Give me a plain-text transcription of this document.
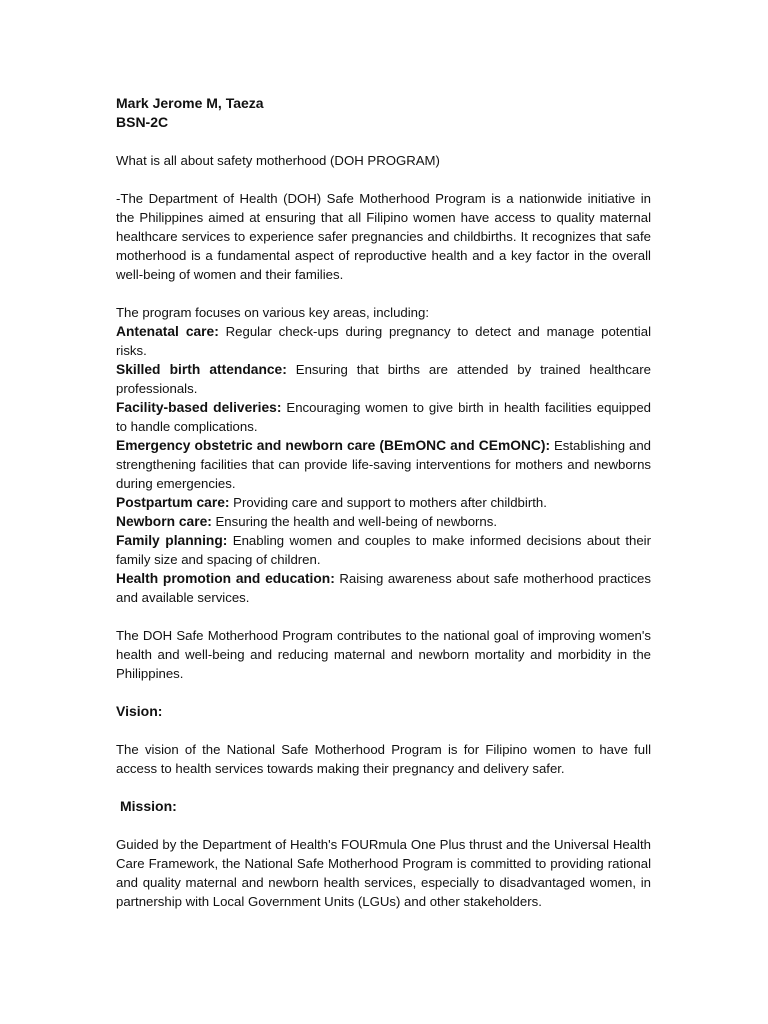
Mark Jerome M, Taeza

BSN-2C

What is all about safety motherhood (DOH PROGRAM)

-The Department of Health (DOH) Safe Motherhood Program is a nationwide initiative in the Philippines aimed at ensuring that all Filipino women have access to quality maternal healthcare services to experience safer pregnancies and childbirths. It recognizes that safe motherhood is a fundamental aspect of reproductive health and a key factor in the overall well-being of women and their families.

The program focuses on various key areas, including:

Antenatal care: Regular check-ups during pregnancy to detect and manage potential risks.

Skilled birth attendance: Ensuring that births are attended by trained healthcare professionals.

Facility-based deliveries: Encouraging women to give birth in health facilities equipped to handle complications.

Emergency obstetric and newborn care (BEmONC and CEmONC): Establishing and strengthening facilities that can provide life-saving interventions for mothers and newborns during emergencies.

Postpartum care: Providing care and support to mothers after childbirth.

Newborn care: Ensuring the health and well-being of newborns.

Family planning: Enabling women and couples to make informed decisions about their family size and spacing of children.

Health promotion and education: Raising awareness about safe motherhood practices and available services.

The DOH Safe Motherhood Program contributes to the national goal of improving women's health and well-being and reducing maternal and newborn mortality and morbidity in the Philippines.

Vision:

The vision of the National Safe Motherhood Program is for Filipino women to have full access to health services towards making their pregnancy and delivery safer.

Mission:

Guided by the Department of Health's FOURmula One Plus thrust and the Universal Health Care Framework, the National Safe Motherhood Program is committed to providing rational and quality maternal and newborn health services, especially to disadvantaged women, in partnership with Local Government Units (LGUs) and other stakeholders.
